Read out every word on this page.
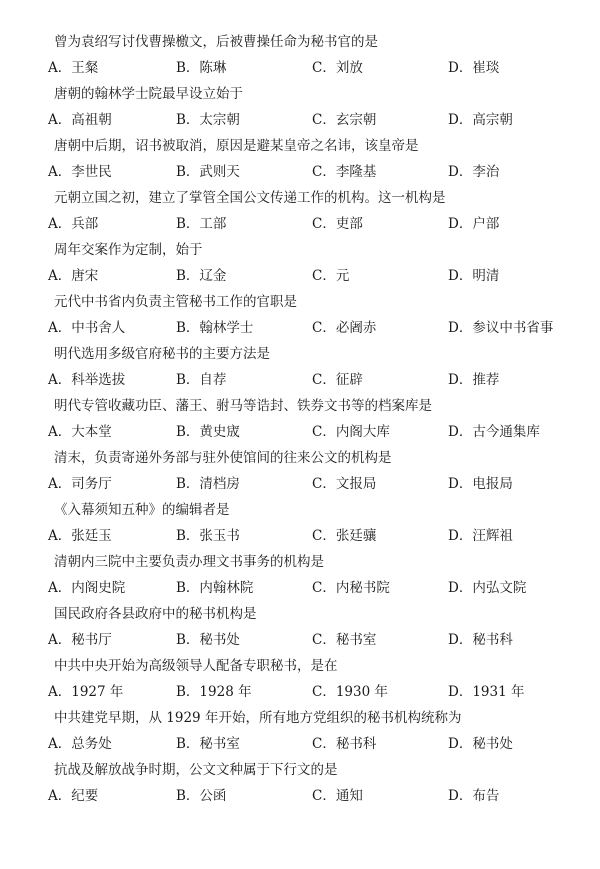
曾为袁绍写讨伐曹操檄文，后被曹操任命为秘书官的是
A．王粲	B．陈琳	C．刘放	D．崔琰
唐朝的翰林学士院最早设立始于
A．高祖朝	B．太宗朝	C．玄宗朝	D．高宗朝
唐朝中后期，诏书被取消，原因是避某皇帝之名讳，该皇帝是
A．李世民	B．武则天	C．李隆基	D．李治
元朝立国之初，建立了掌管全国公文传递工作的机构。这一机构是
A．兵部	B．工部	C．吏部	D．户部
周年交案作为定制，始于
A．唐宋	B．辽金	C．元	D．明清
元代中书省内负责主管秘书工作的官职是
A．中书舍人	B．翰林学士	C．必阇赤	D．参议中书省事
明代选用多级官府秘书的主要方法是
A．科举选拔	B．自荐	C．征辟	D．推荐
明代专管收藏功臣、藩王、驸马等诰封、铁券文书等的档案库是
A．大本堂	B．黄史宬	C．内阁大库	D．古今通集库
清末，负责寄递外务部与驻外使馆间的往来公文的机构是
A．司务厅	B．清档房	C．文报局	D．电报局
《入幕须知五种》的编辑者是
A．张廷玉	B．张玉书	C．张廷骧	D．汪辉祖
清朝内三院中主要负责办理文书事务的机构是
A．内阁史院	B．内翰林院	C．内秘书院	D．内弘文院
国民政府各县政府中的秘书机构是
A．秘书厅	B．秘书处	C．秘书室	D．秘书科
中共中央开始为高级领导人配备专职秘书，是在
A．1927 年	B．1928 年	C．1930 年	D．1931 年
中共建党早期，从 1929 年开始，所有地方党组织的秘书机构统称为
A．总务处	B．秘书室	C．秘书科	D．秘书处
抗战及解放战争时期，公文文种属于下行文的是
A．纪要	B．公函	C．通知	D．布告
